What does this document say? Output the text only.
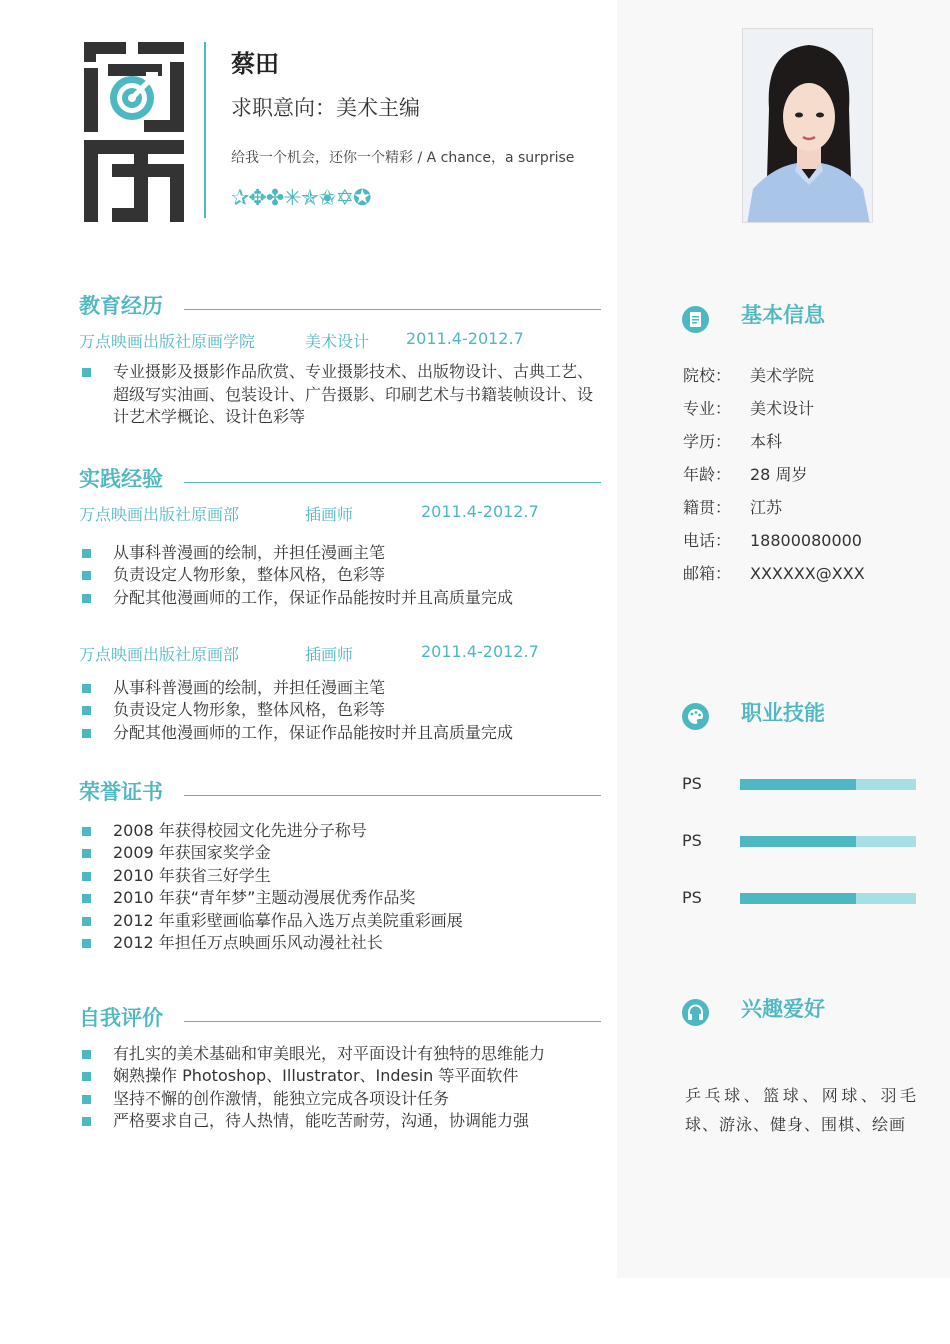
蔡田
求职意向：美术主编
给我一个机会，还你一个精彩 / A chance，a surprise
✰✥✤✳✯✬✡✪
教育经历
万点映画出版社原画学院	美术设计 2011.4-2012.7
专业摄影及摄影作品欣赏、专业摄影技术、出版物设计、古典工艺、超级写实油画、包装设计、广告摄影、印刷艺术与书籍装帧设计、设计艺术学概论、设计色彩等
实践经验
万点映画出版社原画部	插画师	2011.4-2012.7
从事科普漫画的绘制，并担任漫画主笔
负责设定人物形象，整体风格，色彩等
分配其他漫画师的工作，保证作品能按时并且高质量完成
万点映画出版社原画部	插画师	2011.4-2012.7
从事科普漫画的绘制，并担任漫画主笔
负责设定人物形象，整体风格，色彩等
分配其他漫画师的工作，保证作品能按时并且高质量完成
荣誉证书
2008 年获得校园文化先进分子称号
2009 年获国家奖学金
2010 年获省三好学生
2010 年获“青年梦”主题动漫展优秀作品奖
2012 年重彩壁画临摹作品入选万点美院重彩画展
2012 年担任万点映画乐风动漫社社长
自我评价
有扎实的美术基础和审美眼光，对平面设计有独特的思维能力
娴熟操作 Photoshop、Illustrator、Indesin 等平面软件
坚持不懈的创作激情，能独立完成各项设计任务
严格要求自己，待人热情，能吃苦耐劳，沟通，协调能力强
基本信息
院校： 美术学院
专业： 美术设计
学历： 本科
年龄： 28 周岁
籍贯： 江苏
电话： 18800080000
邮箱： XXXXXX@XXX
职业技能
PS
PS
PS
兴趣爱好
乒乓球、篮球、网球、羽毛球、游泳、健身、围棋、绘画
